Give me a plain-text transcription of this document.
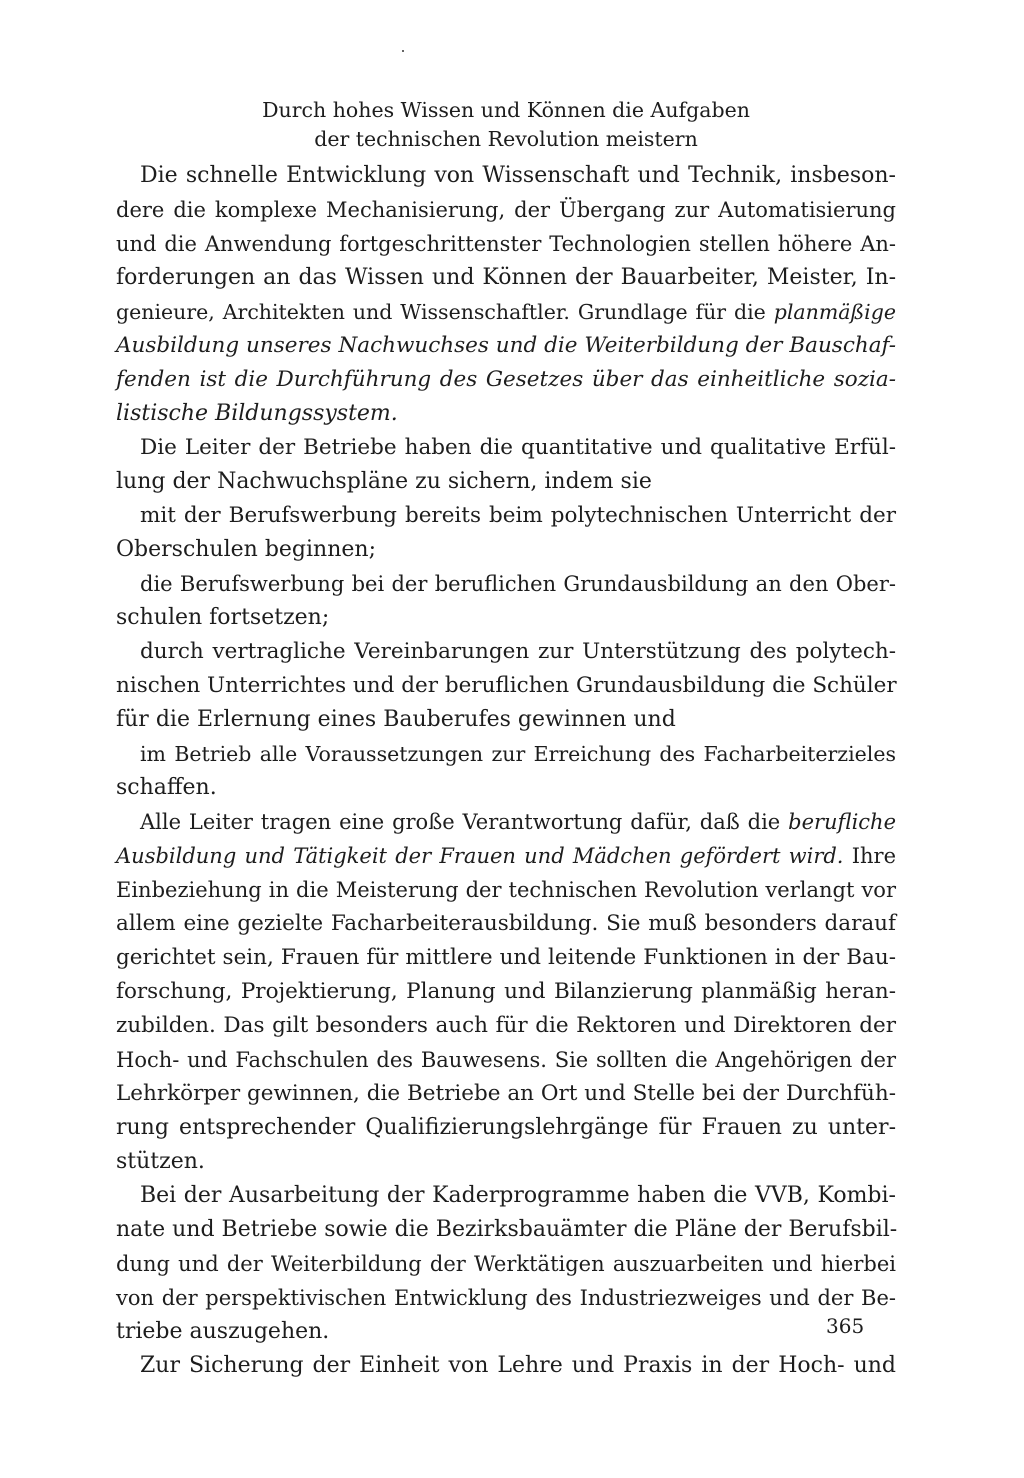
Durch hohes Wissen und Können die Aufgaben
der technischen Revolution meistern
Die schnelle Entwicklung von Wissenschaft und Technik, insbeson-
dere die komplexe Mechanisierung, der Übergang zur Automatisierung
und die Anwendung fortgeschrittenster Technologien stellen höhere An-
forderungen an das Wissen und Können der Bauarbeiter, Meister, In-
genieure, Architekten und Wissenschaftler. Grundlage für die planmäßige
Ausbildung unseres Nachwuchses und die Weiterbildung der Bauschaf-
fenden ist die Durchführung des Gesetzes über das einheitliche sozia-
listische Bildungssystem.
Die Leiter der Betriebe haben die quantitative und qualitative Erfül-
lung der Nachwuchspläne zu sichern, indem sie
mit der Berufswerbung bereits beim polytechnischen Unterricht der
Oberschulen beginnen;
die Berufswerbung bei der beruflichen Grundausbildung an den Ober-
schulen fortsetzen;
durch vertragliche Vereinbarungen zur Unterstützung des polytech-
nischen Unterrichtes und der beruflichen Grundausbildung die Schüler
für die Erlernung eines Bauberufes gewinnen und
im Betrieb alle Voraussetzungen zur Erreichung des Facharbeiterzieles
schaffen.
Alle Leiter tragen eine große Verantwortung dafür, daß die berufliche
Ausbildung und Tätigkeit der Frauen und Mädchen gefördert wird. Ihre
Einbeziehung in die Meisterung der technischen Revolution verlangt vor
allem eine gezielte Facharbeiterausbildung. Sie muß besonders darauf
gerichtet sein, Frauen für mittlere und leitende Funktionen in der Bau-
forschung, Projektierung, Planung und Bilanzierung planmäßig heran-
zubilden. Das gilt besonders auch für die Rektoren und Direktoren der
Hoch- und Fachschulen des Bauwesens. Sie sollten die Angehörigen der
Lehrkörper gewinnen, die Betriebe an Ort und Stelle bei der Durchfüh-
rung entsprechender Qualifizierungslehrgänge für Frauen zu unter-
stützen.
Bei der Ausarbeitung der Kaderprogramme haben die VVB, Kombi-
nate und Betriebe sowie die Bezirksbauämter die Pläne der Berufsbil-
dung und der Weiterbildung der Werktätigen auszuarbeiten und hierbei
von der perspektivischen Entwicklung des Industriezweiges und der Be-
triebe auszugehen.
Zur Sicherung der Einheit von Lehre und Praxis in der Hoch- und
365
